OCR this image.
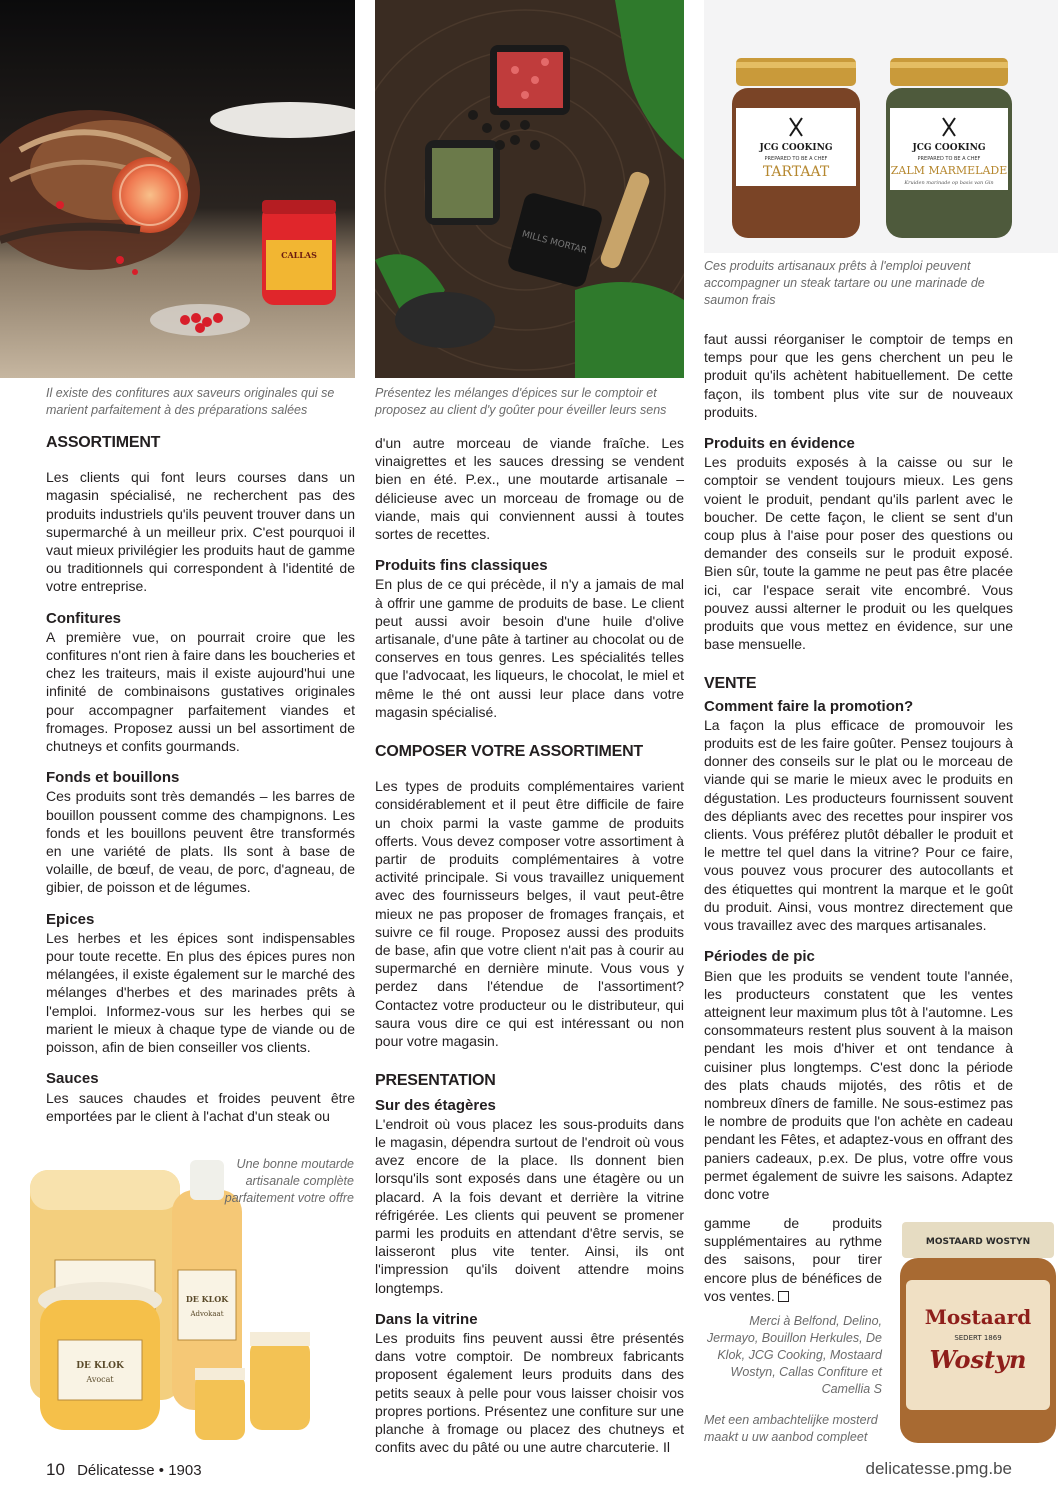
CALLAS
Il existe des confitures aux saveurs originales qui se marient parfaitement à des préparations salées
MILLS MORTAR
Présentez les mélanges d'épices sur le comptoir et proposez au client d'y goûter pour éveiller leurs sens
JCG COOKING
PREPARED TO BE A CHEF
TARTAAT
JCG COOKING
PREPARED TO BE A CHEF
ZALM MARMELADE
Kruiden marinade op basis van Gin
Ces produits artisanaux prêts à l'emploi peuvent accompagner un steak tartare ou une marinade de saumon frais
DE KLOK
Advokaat
DE KLOK
Avocat
Une bonne moutarde artisanale complète parfaitement votre offre
MOSTAARD WOSTYN
Mostaard
SEDERT 1869
Wostyn
Met een ambachtelijke mosterd maakt u uw aanbod compleet
ASSORTIMENT

Les clients qui font leurs courses dans un magasin spécialisé, ne recherchent pas des produits industriels qu'ils peuvent trouver dans un supermarché à un meilleur prix. C'est pourquoi il vaut mieux privilégier les produits haut de gamme ou traditionnels qui correspondent à l'identité de votre entreprise.

Confitures

A première vue, on pourrait croire que les confitures n'ont rien à faire dans les boucheries et chez les traiteurs, mais il existe aujourd'hui une infinité de combinaisons gustatives originales pour accompagner parfaitement viandes et fromages. Proposez aussi un bel assortiment de chutneys et confits gourmands.

Fonds et bouillons

Ces produits sont très demandés – les barres de bouillon poussent comme des champignons. Les fonds et les bouillons peuvent être transformés en une variété de plats. Ils sont à base de volaille, de bœuf, de veau, de porc, d'agneau, de gibier, de poisson et de légumes.

Epices

Les herbes et les épices sont indispensables pour toute recette. En plus des épices pures non mélangées, il existe également sur le marché des mélanges d'herbes et des marinades prêts à l'emploi. Informez-vous sur les herbes qui se marient le mieux à chaque type de viande ou de poisson, afin de bien conseiller vos clients.

Sauces

Les sauces chaudes et froides peuvent être emportées par le client à l'achat d'un steak ou

d'un autre morceau de viande fraîche. Les vinaigrettes et les sauces dressing se vendent bien en été. P.ex., une moutarde artisanale – délicieuse avec un morceau de fromage ou de viande, mais qui conviennent aussi à toutes sortes de recettes.

Produits fins classiques

En plus de ce qui précède, il n'y a jamais de mal à offrir une gamme de produits de base. Le client peut aussi avoir besoin d'une huile d'olive artisanale, d'une pâte à tartiner au chocolat ou de conserves en tous genres. Les spécialités telles que l'advocaat, les liqueurs, le chocolat, le miel et même le thé ont aussi leur place dans votre magasin spécialisé.

COMPOSER VOTRE ASSORTIMENT

Les types de produits complémentaires varient considérablement et il peut être difficile de faire un choix parmi la vaste gamme de produits offerts. Vous devez composer votre assortiment à partir de produits complémentaires à votre activité principale. Si vous travaillez uniquement avec des fournisseurs belges, il vaut peut-être mieux ne pas proposer de fromages français, et suivre ce fil rouge. Proposez aussi des produits de base, afin que votre client n'ait pas à courir au supermarché en dernière minute. Vous vous y perdez dans l'étendue de l'assortiment? Contactez votre producteur ou le distributeur, qui saura vous dire ce qui est intéressant ou non pour votre magasin.

PRESENTATION
Sur des étagères

L'endroit où vous placez les sous-produits dans le magasin, dépendra surtout de l'endroit où vous avez encore de la place. Ils donnent bien lorsqu'ils sont exposés dans une étagère ou un placard. A la fois devant et derrière la vitrine réfrigérée. Les clients qui peuvent se promener parmi les produits en attendant d'être servis, se laisseront plus vite tenter. Ainsi, ils ont l'impression qu'ils doivent attendre moins longtemps.

Dans la vitrine

Les produits fins peuvent aussi être présentés dans votre comptoir. De nombreux fabricants proposent également leurs produits dans des petits seaux à pelle pour vous laisser choisir vos propres portions. Présentez une confiture sur une planche à fromage ou placez des chutneys et confits avec du pâté ou une autre charcuterie. Il

faut aussi réorganiser le comptoir de temps en temps pour que les gens cherchent un peu le produit qu'ils achètent habituellement. De cette façon, ils tombent plus vite sur de nouveaux produits.

Produits en évidence

Les produits exposés à la caisse ou sur le comptoir se vendent toujours mieux. Les gens voient le produit, pendant qu'ils parlent avec le boucher. De cette façon, le client se sent d'un coup plus à l'aise pour poser des questions ou demander des conseils sur le produit exposé. Bien sûr, toute la gamme ne peut pas être placée ici, car l'espace serait vite encombré. Vous pouvez aussi alterner le produit ou les quelques produits que vous mettez en évidence, sur une base mensuelle.

VENTE
Comment faire la promotion?

La façon la plus efficace de promouvoir les produits est de les faire goûter. Pensez toujours à donner des conseils sur le plat ou le morceau de viande qui se marie le mieux avec le produits en dégustation. Les producteurs fournissent souvent des dépliants avec des recettes pour inspirer vos clients. Vous préférez plutôt déballer le produit et le mettre tel quel dans la vitrine? Pour ce faire, vous pouvez vous procurer des autocollants et des étiquettes qui montrent la marque et le goût du produit. Ainsi, vous montrez directement que vous travaillez avec des marques artisanales.

Périodes de pic

Bien que les produits se vendent toute l'année, les producteurs constatent que les ventes atteignent leur maximum plus tôt à l'automne. Les consommateurs restent plus souvent à la maison pendant les mois d'hiver et ont tendance à cuisiner plus longtemps. C'est donc la période des plats chauds mijotés, des rôtis et de nombreux dîners de famille. Ne sous-estimez pas le nombre de produits que l'on achète en cadeau pendant les Fêtes, et adaptez-vous en offrant des paniers cadeaux, p.ex. De plus, votre offre vous permet également de suivre les saisons. Adaptez donc votre

gamme de produits supplémentaires au rythme des saisons, pour tirer encore plus de bénéfices de vos ventes.

Merci à Belfond, Delino, Jermayo, Bouillon Herkules, De Klok, JCG Cooking, Mostaard Wostyn, Callas Confiture et Camellia S
10 Délicatesse • 1903	delicatesse.pmg.be
